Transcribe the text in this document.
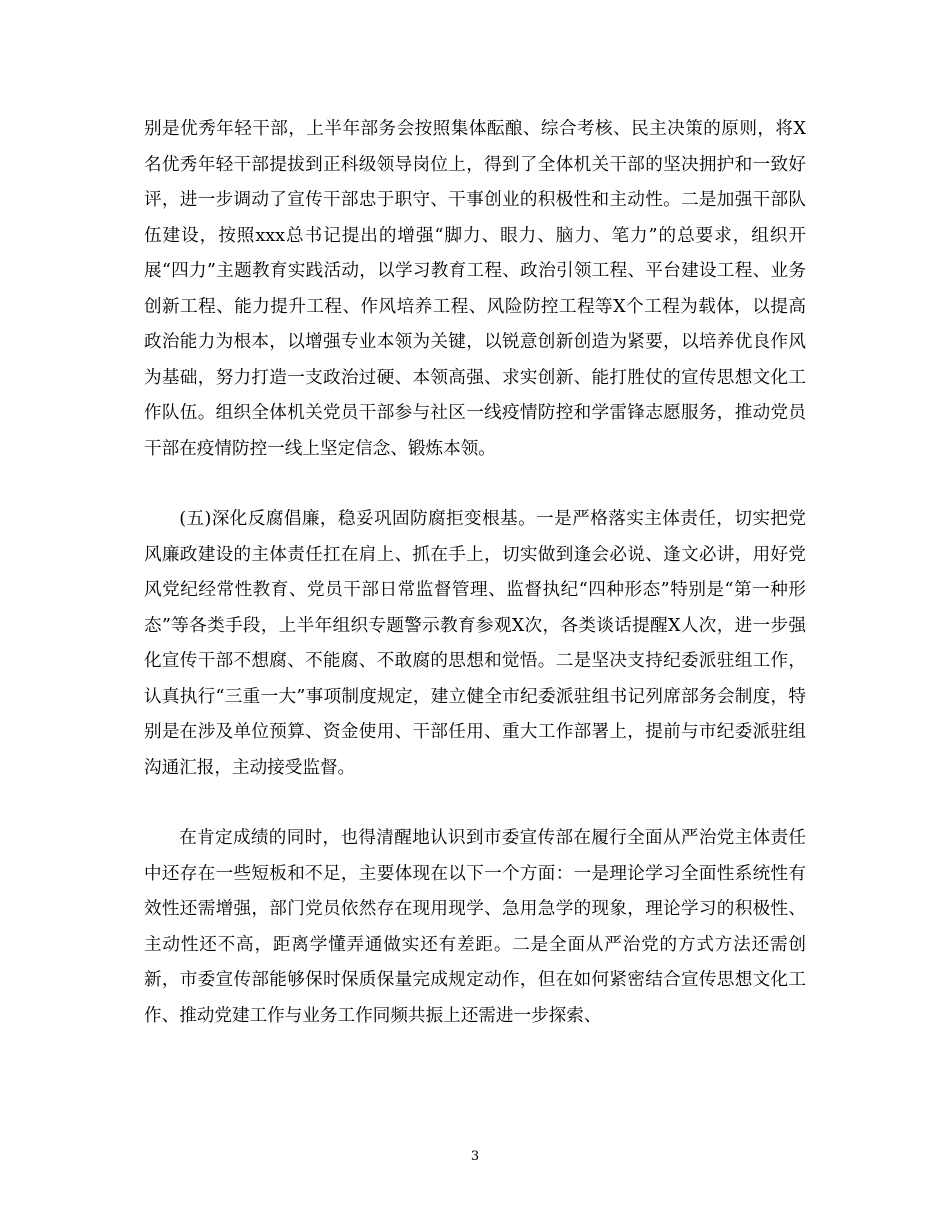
别是优秀年轻干部，上半年部务会按照集体酝酿、综合考核、民主决策的原则，将X名优秀年轻干部提拔到正科级领导岗位上，得到了全体机关干部的坚决拥护和一致好评，进一步调动了宣传干部忠于职守、干事创业的积极性和主动性。二是加强干部队伍建设，按照xxx总书记提出的增强“脚力、眼力、脑力、笔力”的总要求，组织开展“四力”主题教育实践活动，以学习教育工程、政治引领工程、平台建设工程、业务创新工程、能力提升工程、作风培养工程、风险防控工程等X个工程为载体，以提高政治能力为根本，以增强专业本领为关键，以锐意创新创造为紧要，以培养优良作风为基础，努力打造一支政治过硬、本领高强、求实创新、能打胜仗的宣传思想文化工作队伍。组织全体机关党员干部参与社区一线疫情防控和学雷锋志愿服务，推动党员干部在疫情防控一线上坚定信念、锻炼本领。

(五)深化反腐倡廉，稳妥巩固防腐拒变根基。一是严格落实主体责任，切实把党风廉政建设的主体责任扛在肩上、抓在手上，切实做到逢会必说、逢文必讲，用好党风党纪经常性教育、党员干部日常监督管理、监督执纪“四种形态”特别是“第一种形态”等各类手段，上半年组织专题警示教育参观X次，各类谈话提醒X人次，进一步强化宣传干部不想腐、不能腐、不敢腐的思想和觉悟。二是坚决支持纪委派驻组工作，认真执行“三重一大”事项制度规定，建立健全市纪委派驻组书记列席部务会制度，特别是在涉及单位预算、资金使用、干部任用、重大工作部署上，提前与市纪委派驻组沟通汇报，主动接受监督。

在肯定成绩的同时，也得清醒地认识到市委宣传部在履行全面从严治党主体责任中还存在一些短板和不足，主要体现在以下一个方面：一是理论学习全面性系统性有效性还需增强，部门党员依然存在现用现学、急用急学的现象，理论学习的积极性、主动性还不高，距离学懂弄通做实还有差距。二是全面从严治党的方式方法还需创新，市委宣传部能够保时保质保量完成规定动作，但在如何紧密结合宣传思想文化工作、推动党建工作与业务工作同频共振上还需进一步探索、

3
